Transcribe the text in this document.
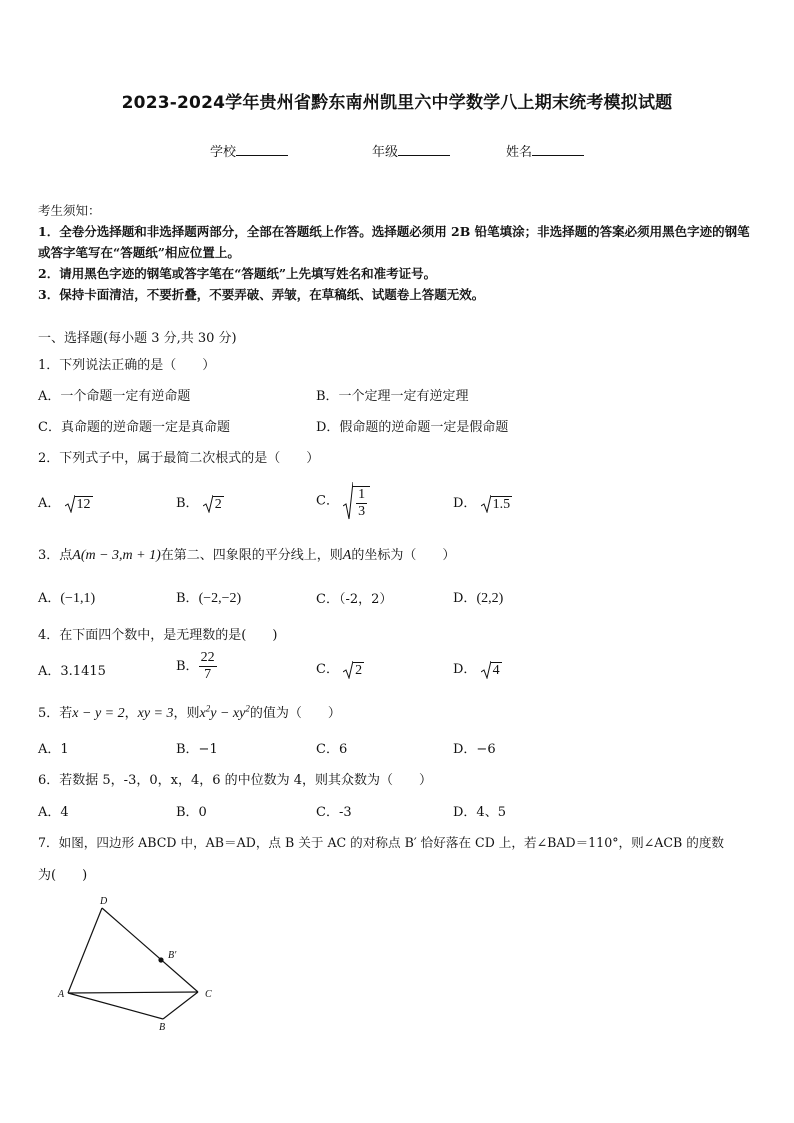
2023-2024学年贵州省黔东南州凯里六中学数学八上期末统考模拟试题
学校	年级	姓名
考生须知：
1．全卷分选择题和非选择题两部分，全部在答题纸上作答。选择题必须用 2B 铅笔填涂；非选择题的答案必须用黑色字迹的钢笔或答字笔写在“答题纸”相应位置上。
2．请用黑色字迹的钢笔或答字笔在“答题纸”上先填写姓名和准考证号。
3．保持卡面清洁，不要折叠，不要弄破、弄皱，在草稿纸、试题卷上答题无效。
一、选择题(每小题 3 分,共 30 分)
1．下列说法正确的是（　　）
A．一个命题一定有逆命题	B．一个定理一定有逆定理
C．真命题的逆命题一定是真命题	D．假命题的逆命题一定是假命题
2．下列式子中，属于最简二次根式的是（　　）
A． 12	B． 2	C． $\frac{1}{3}$	D． 1.5
3．点A(m − 3,m + 1)在第二、四象限的平分线上，则A的坐标为（　　）
A．(−1,1)	B．(−2,−2)	C．（-2，2）	D．(2,2)
4．在下面四个数中，是无理数的是(　　)
A．3.1415	B． $\frac{22}{7}$	C． 2	D． 4
5．若x − y = 2，xy = 3，则$x^2y - xy^2$的值为（　　）
A．1	B．−1	C．6	D．−6
6．若数据 5，-3，0，x，4，6 的中位数为 4，则其众数为（　　）
A．4	B．0	C．-3	D．4、5
7．如图，四边形 ABCD 中，AB＝AD，点 B 关于 AC 的对称点 B′ 恰好落在 CD 上，若∠BAD＝110°，则∠ACB 的度数
为(　　)
D
A	C
B
B′
